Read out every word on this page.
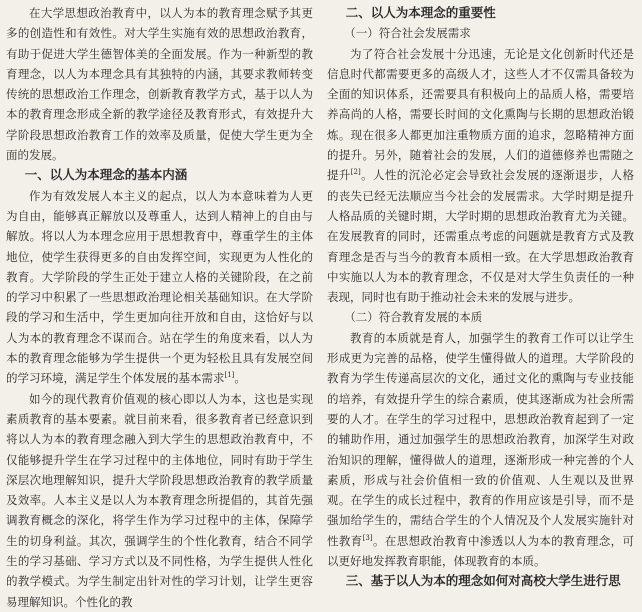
在大学思想政治教育中，以人为本的教育理念赋予其更多的创造性和有效性。对大学生实施有效的思想政治教育，有助于促进大学生德智体美的全面发展。作为一种新型的教育理念，以人为本理念具有其独特的内涵，其要求教师转变传统的思想政治工作理念，创新教育教学方式，基于以人为本的教育理念形成全新的教学途径及教育形式，有效提升大学阶段思想政治教育工作的效率及质量，促使大学生更为全面的发展。

一、以人为本理念的基本内涵

作为有效发展人本主义的起点，以人为本意味着为人更为自由，能够真正解放以及尊重人，达到人精神上的自由与解放。将以人为本理念应用于思想教育中，尊重学生的主体地位，使学生获得更多的自由发挥空间，实现更为人性化的教育。大学阶段的学生正处于建立人格的关键阶段，在之前的学习中积累了一些思想政治理论相关基础知识。在大学阶段的学习和生活中，学生更加向往开放和自由，这恰好与以人为本的教育理念不谋而合。站在学生的角度来看，以人为本的教育理念能够为学生提供一个更为轻松且具有发展空间的学习环境，满足学生个体发展的基本需求[1]。

如今的现代教育价值观的核心即以人为本，这也是实现素质教育的基本要素。就目前来看，很多教育者已经意识到将以人为本的教育理念融入到大学生的思想政治教育中，不仅能够提升学生在学习过程中的主体地位，同时有助于学生深层次地理解知识，提升大学阶段思想政治教育的教学质量及效率。人本主义是以人为本教育理念所提倡的，其首先强调教育概念的深化，将学生作为学习过程中的主体，保障学生的切身利益。其次，强调学生的个性化教育，结合不同学生的学习基础、学习方式以及不同性格，为学生提供人性化的教学模式。为学生制定出针对性的学习计划，让学生更容易理解知识。个性化的教

二、以人为本理念的重要性
（一）符合社会发展需求

为了符合社会发展十分迅速，无论是文化创新时代还是信息时代都需要更多的高级人才，这些人才不仅需具备较为全面的知识体系，还需要具有积极向上的品质人格，需要培养高尚的人格，需要长时间的文化熏陶与长期的思想政治锻炼。现在很多人都更加注重物质方面的追求，忽略精神方面的提升。另外，随着社会的发展，人们的道德修养也需随之提升[2]。人性的沉沦必定会导致社会发展的逐渐退步，人格的丧失已经无法顺应当今社会的发展需求。大学时期是提升人格品质的关键时期，大学时期的思想政治教育尤为关键。在发展教育的同时，还需重点考虑的问题就是教育方式及教育理念是否与当今的教育本质相一致。在大学思想政治教育中实施以人为本的教育理念，不仅是对大学生负责任的一种表现，同时也有助于推动社会未来的发展与进步。

（二）符合教育发展的本质

教育的本质就是育人，加强学生的教育工作可以让学生形成更为完善的品格，使学生懂得做人的道理。大学阶段的教育为学生传递高层次的文化，通过文化的熏陶与专业技能的培养，有效提升学生的综合素质，使其逐渐成为社会所需要的人才。在学生的学习过程中，思想政治教育起到了一定的辅助作用，通过加强学生的思想政治教育，加深学生对政治知识的理解，懂得做人的道理，逐渐形成一种完善的个人素质，形成与社会价值相一致的价值观、人生观以及世界观。在学生的成长过程中，教育的作用应该是引导，而不是强加给学生的，需结合学生的个人情况及个人发展实施针对性教育[3]。在思想政治教育中渗透以人为本的教育理念，可以更好地发挥教育职能，体现教育的本质。

三、基于以人为本的理念如何对高校大学生进行思
